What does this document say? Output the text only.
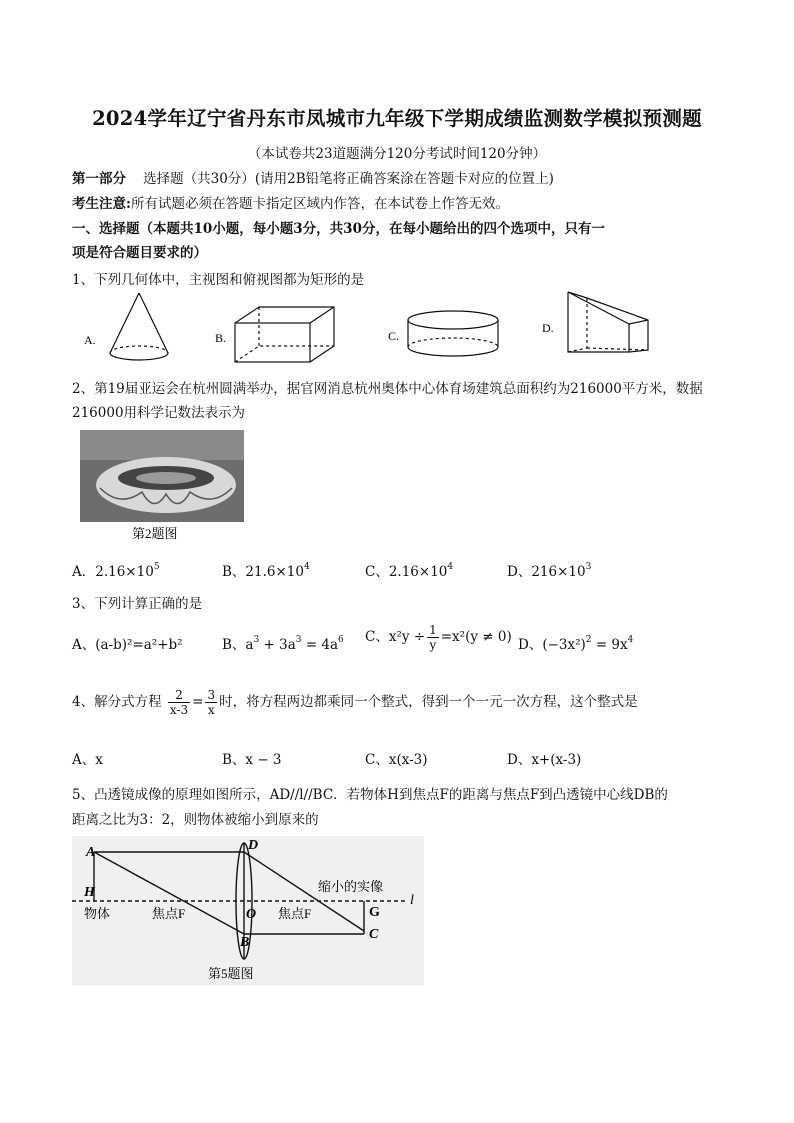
2024学年辽宁省丹东市凤城市九年级下学期成绩监测数学模拟预测题
（本试卷共23道题满分120分考试时间120分钟）
第一部分 选择题（共30分）(请用2B铅笔将正确答案涂在答题卡对应的位置上)
考生注意:所有试题必须在答题卡指定区域内作答，在本试卷上作答无效。
一、选择题（本题共10小题，每小题3分，共30分，在每小题给出的四个选项中，只有一
项是符合题目要求的）
1、下列几何体中，主视图和俯视图都为矩形的是
A.	B.	C.
D.
2、第19届亚运会在杭州圆满举办，据官网消息杭州奥体中心体育场建筑总面积约为216000平方米，数据
216000用科学记数法表示为
第2题图
A．$2.16\times 10^5$	B、$21.6\times 10^4$	C、$2.16\times 10^4$	D、$216\times 10^3$
3、下列计算正确的是
A、(a-b)²=a²+b²	B、$a^3 + 3a^3 = 4a^6$ C、$x^2y \div \frac{1}{y} =x^2(y \ne 0)$ D、$(-3x^2)^2 = 9x^4$
4、解分式方程 $\frac{2}{x-3} = \frac{3}{x}$ 时，将方程两边都乘同一个整式，得到一个一元一次方程，这个整式是
A、x	B、x − 3	C、x(x-3)	D、x+(x-3)
5、凸透镜成像的原理如图所示，AD//l//BC．若物体H到焦点F的距离与焦点F到凸透镜中心线DB的
距离之比为3：2，则物体被缩小到原来的
A	D
H
物体	焦点F	O 焦点F
缩小的实像
G
C
B
l
第5题图
